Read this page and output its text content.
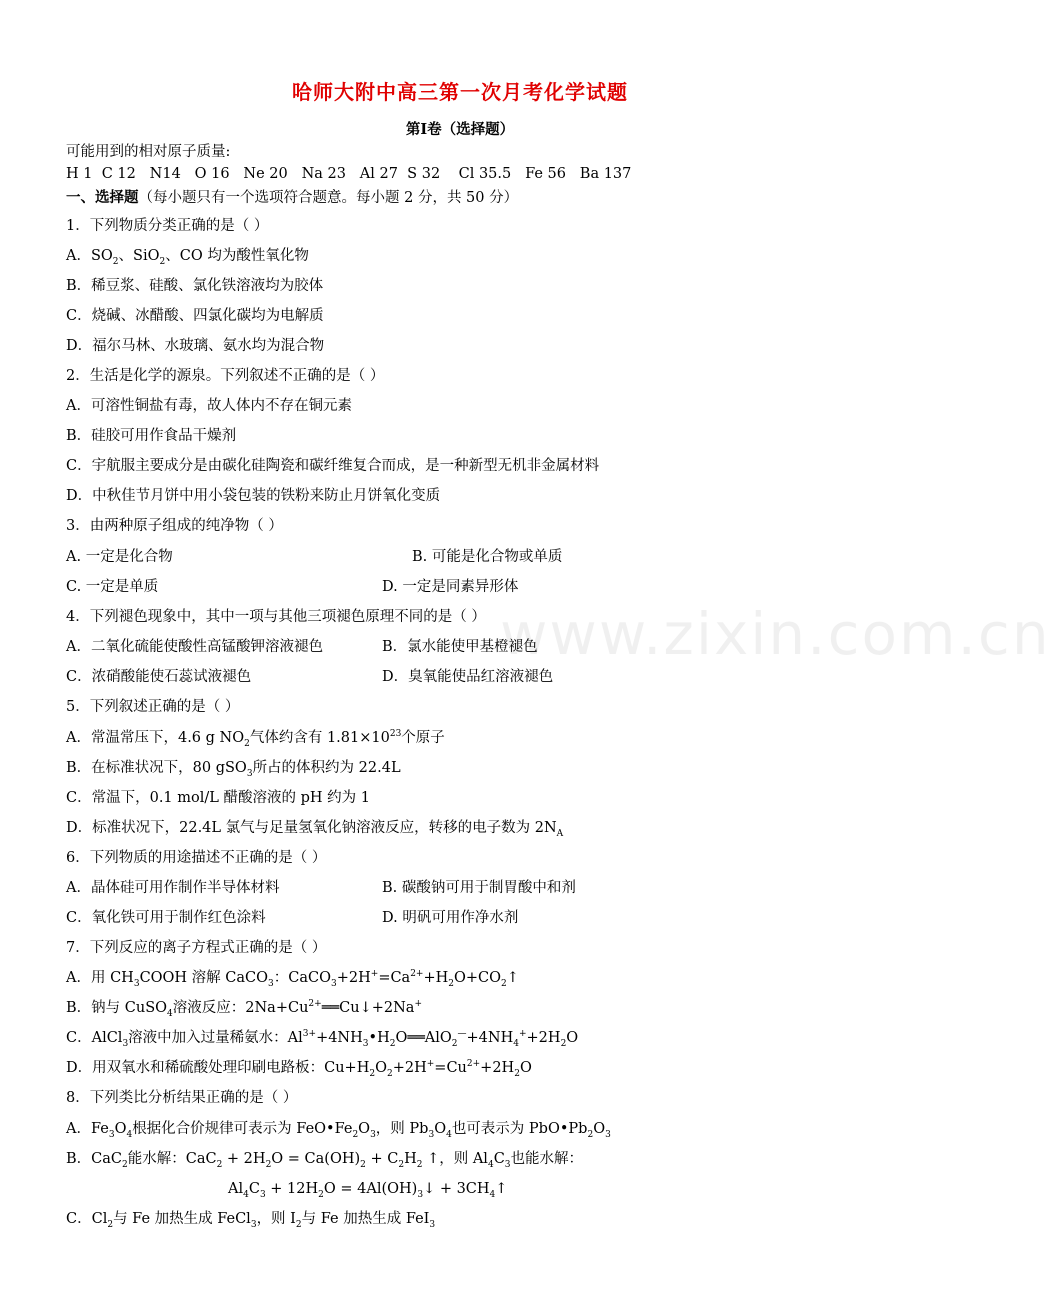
哈师大附中高三第一次月考化学试题
第Ⅰ卷（选择题）
可能用到的相对原子质量:
H 1  C 12   N14   O 16   Ne 20   Na 23   Al 27  S 32    Cl 35.5   Fe 56   Ba 137
一、选择题（每小题只有一个选项符合题意。每小题 2 分，共 50 分）
1．下列物质分类正确的是（ ）
A．$SO_2$、SiO$_2$、CO 均为酸性氧化物
B．稀豆浆、硅酸、氯化铁溶液均为胶体
C．烧碱、冰醋酸、四氯化碳均为电解质
D．福尔马林、水玻璃、氨水均为混合物
2．生活是化学的源泉。下列叙述不正确的是（ ）
A．可溶性铜盐有毒，故人体内不存在铜元素
B．硅胶可用作食品干燥剂
C．宇航服主要成分是由碳化硅陶瓷和碳纤维复合而成，是一种新型无机非金属材料
D．中秋佳节月饼中用小袋包装的铁粉来防止月饼氧化变质
3．由两种原子组成的纯净物（ ）
A. 一定是化合物	B. 可能是化合物或单质
C. 一定是单质	D. 一定是同素异形体
4．下列褪色现象中，其中一项与其他三项褪色原理不同的是（ ）
A．二氧化硫能使酸性高锰酸钾溶液褪色	B．氯水能使甲基橙褪色
C．浓硝酸能使石蕊试液褪色	D．臭氧能使品红溶液褪色
www.zixin.com.cn
5．下列叙述正确的是（ ）
A．常温常压下，4.6 g $NO_2$气体约含有 $1.81\times 10^{23}$个原子
B．在标准状况下，80 gSO$_3$所占的体积约为 22.4L
C．常温下，0.1 mol/L 醋酸溶液的 pH 约为 1
D．标准状况下，22.4L 氯气与足量氢氧化钠溶液反应，转移的电子数为 $2N_A$
6．下列物质的用途描述不正确的是（ ）
A．晶体硅可用作制作半导体材料	B. 碳酸钠可用于制胃酸中和剂
C．氧化铁可用于制作红色涂料	D. 明矾可用作净水剂
7．下列反应的离子方程式正确的是（ ）
A．用 $CH_3COOH$ 溶解 CaCO$_3$：$CaCO_3+2H^+=Ca^{2+}+H_2O+CO_2↑$
B．钠与 CuSO$_4$溶液反应：$2Na+Cu^{2+}══Cu↓+2Na^+$
C．AlCl$_3$溶液中加入过量稀氨水：$Al^{3+}+4NH_3•H_2O══AlO_2^—+4NH_4^++2H_2O$
D．用双氧水和稀硫酸处理印刷电路板：$Cu+H_2O_2+2H^+=Cu^{2+}+2H_2O$
8．下列类比分析结果正确的是（ ）
A．$Fe_3O_4$根据化合价规律可表示为 $FeO•Fe_2O_3$，则 $Pb_3O_4$也可表示为 $PbO•Pb_2O_3$
B．CaC$_2$能水解：$CaC_2 + 2H_2O = Ca(OH)_2 + C_2H_2$ ↑，则 $Al_4C_3$也能水解：
$Al_4C_3 + 12H_2O$ = $4Al(OH)_3↓$ + $3CH_4↑$
C．$Cl_2$与 Fe 加热生成 FeCl$_3$，则 $I_2$与 Fe 加热生成 FeI$_3$
